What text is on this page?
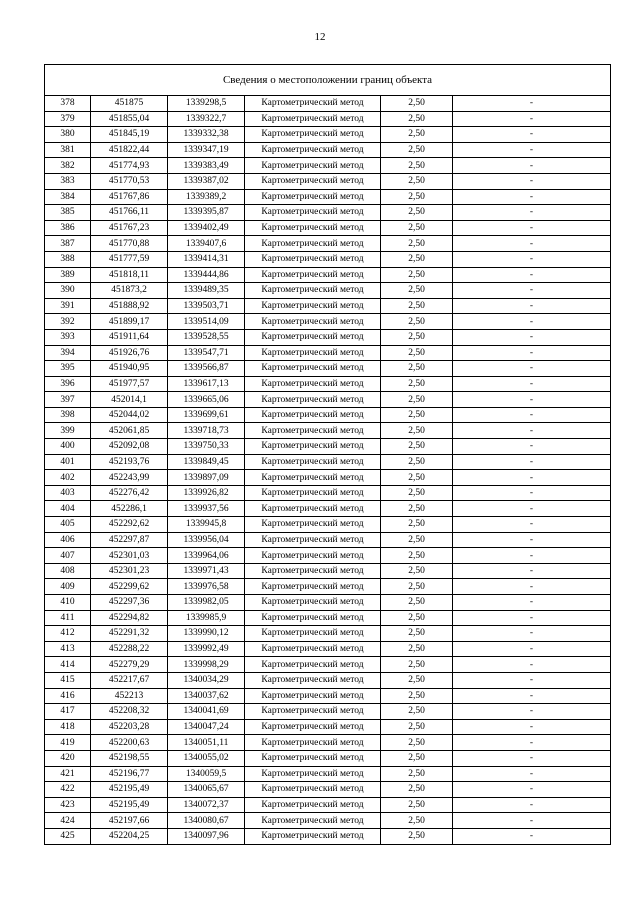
12
Сведения о местоположении границ объекта					
378	451875	1339298,5	Картометрический метод	2,50	-
379	451855,04	1339322,7	Картометрический метод	2,50	-
380	451845,19	1339332,38	Картометрический метод	2,50	-
381	451822,44	1339347,19	Картометрический метод	2,50	-
382	451774,93	1339383,49	Картометрический метод	2,50	-
383	451770,53	1339387,02	Картометрический метод	2,50	-
384	451767,86	1339389,2	Картометрический метод	2,50	-
385	451766,11	1339395,87	Картометрический метод	2,50	-
386	451767,23	1339402,49	Картометрический метод	2,50	-
387	451770,88	1339407,6	Картометрический метод	2,50	-
388	451777,59	1339414,31	Картометрический метод	2,50	-
389	451818,11	1339444,86	Картометрический метод	2,50	-
390	451873,2	1339489,35	Картометрический метод	2,50	-
391	451888,92	1339503,71	Картометрический метод	2,50	-
392	451899,17	1339514,09	Картометрический метод	2,50	-
393	451911,64	1339528,55	Картометрический метод	2,50	-
394	451926,76	1339547,71	Картометрический метод	2,50	-
395	451940,95	1339566,87	Картометрический метод	2,50	-
396	451977,57	1339617,13	Картометрический метод	2,50	-
397	452014,1	1339665,06	Картометрический метод	2,50	-
398	452044,02	1339699,61	Картометрический метод	2,50	-
399	452061,85	1339718,73	Картометрический метод	2,50	-
400	452092,08	1339750,33	Картометрический метод	2,50	-
401	452193,76	1339849,45	Картометрический метод	2,50	-
402	452243,99	1339897,09	Картометрический метод	2,50	-
403	452276,42	1339926,82	Картометрический метод	2,50	-
404	452286,1	1339937,56	Картометрический метод	2,50	-
405	452292,62	1339945,8	Картометрический метод	2,50	-
406	452297,87	1339956,04	Картометрический метод	2,50	-
407	452301,03	1339964,06	Картометрический метод	2,50	-
408	452301,23	1339971,43	Картометрический метод	2,50	-
409	452299,62	1339976,58	Картометрический метод	2,50	-
410	452297,36	1339982,05	Картометрический метод	2,50	-
411	452294,82	1339985,9	Картометрический метод	2,50	-
412	452291,32	1339990,12	Картометрический метод	2,50	-
413	452288,22	1339992,49	Картометрический метод	2,50	-
414	452279,29	1339998,29	Картометрический метод	2,50	-
415	452217,67	1340034,29	Картометрический метод	2,50	-
416	452213	1340037,62	Картометрический метод	2,50	-
417	452208,32	1340041,69	Картометрический метод	2,50	-
418	452203,28	1340047,24	Картометрический метод	2,50	-
419	452200,63	1340051,11	Картометрический метод	2,50	-
420	452198,55	1340055,02	Картометрический метод	2,50	-
421	452196,77	1340059,5	Картометрический метод	2,50	-
422	452195,49	1340065,67	Картометрический метод	2,50	-
423	452195,49	1340072,37	Картометрический метод	2,50	-
424	452197,66	1340080,67	Картометрический метод	2,50	-
425	452204,25	1340097,96	Картометрический метод	2,50	-
